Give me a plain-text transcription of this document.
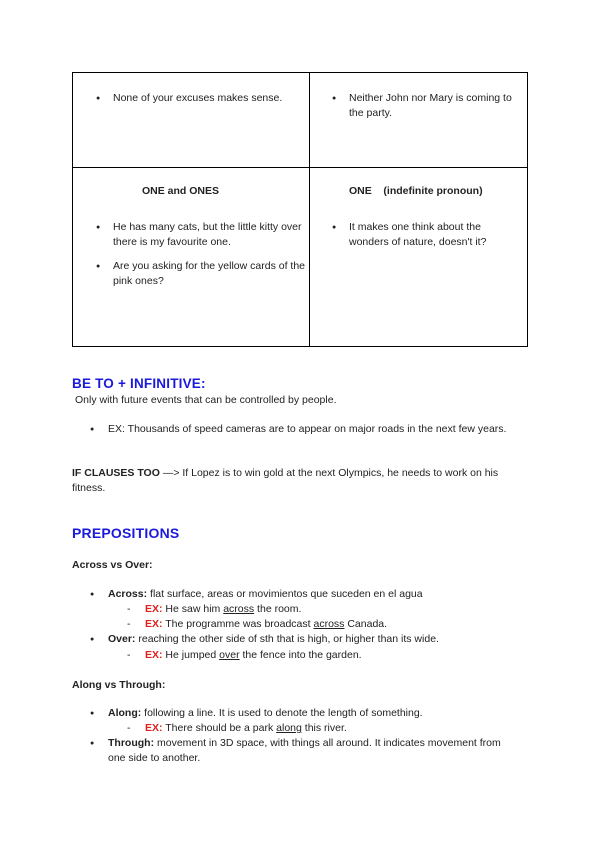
● None of your excuses makes sense.	● Neither John nor Mary is coming to the party.
ONE and ONES
● He has many cats, but the little kitty over there is my favourite one.
● Are you asking for the yellow cards of the pink ones?
ONE    (indefinite pronoun)
● It makes one think about the wonders of nature, doesn't it?
BE TO + INFINITIVE:
Only with future events that can be controlled by people.
● EX: Thousands of speed cameras are to appear on major roads in the next few years.
IF CLAUSES TOO —> If Lopez is to win gold at the next Olympics, he needs to work on his fitness.
PREPOSITIONS
Across vs Over:
● Across: flat surface, areas or movimientos que suceden en el agua
- EX: He saw him across the room.
- EX: The programme was broadcast across Canada.
● Over: reaching the other side of sth that is high, or higher than its wide.
- EX: He jumped over the fence into the garden.
Along vs Through:
● Along: following a line. It is used to denote the length of something.
- EX: There should be a park along this river.
● Through: movement in 3D space, with things all around. It indicates movement from
one side to another.
